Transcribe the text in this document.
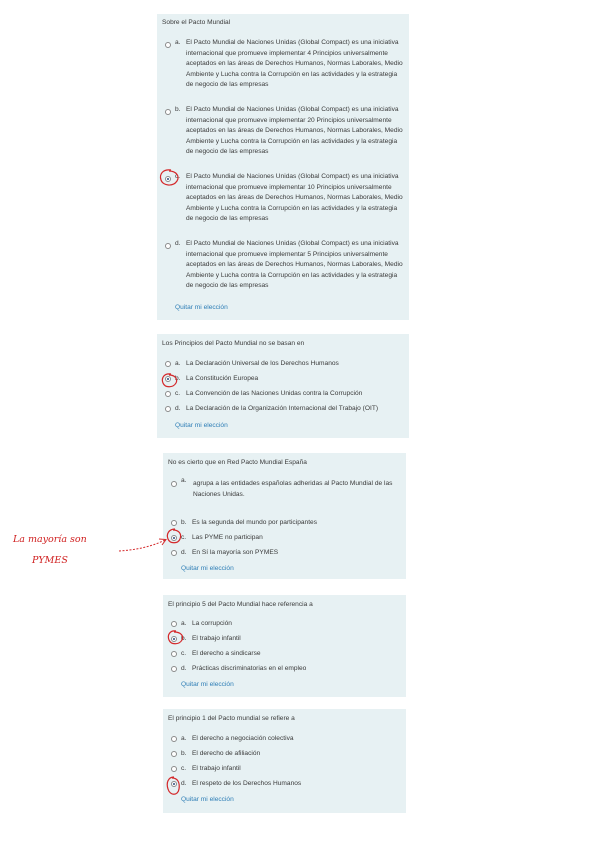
Sobre el Pacto Mundial
a. El Pacto Mundial de Naciones Unidas (Global Compact) es una iniciativa internacional que promueve implementar 4 Principios universalmente aceptados en las áreas de Derechos Humanos, Normas Laborales, Medio Ambiente y Lucha contra la Corrupción en las actividades y la estrategia de negocio de las empresas
b. El Pacto Mundial de Naciones Unidas (Global Compact) es una iniciativa internacional que promueve implementar 20 Principios universalmente aceptados en las áreas de Derechos Humanos, Normas Laborales, Medio Ambiente y Lucha contra la Corrupción en las actividades y la estrategia de negocio de las empresas
c. El Pacto Mundial de Naciones Unidas (Global Compact) es una iniciativa internacional que promueve implementar 10 Principios universalmente aceptados en las áreas de Derechos Humanos, Normas Laborales, Medio Ambiente y Lucha contra la Corrupción en las actividades y la estrategia de negocio de las empresas
d. El Pacto Mundial de Naciones Unidas (Global Compact) es una iniciativa internacional que promueve implementar 5 Principios universalmente aceptados en las áreas de Derechos Humanos, Normas Laborales, Medio Ambiente y Lucha contra la Corrupción en las actividades y la estrategia de negocio de las empresas
Quitar mi elección
Los Principios del Pacto Mundial no se basan en
a. La Declaración Universal de los Derechos Humanos
b. La Constitución Europea
c. La Convención de las Naciones Unidas contra la Corrupción
d. La Declaración de la Organización Internacional del Trabajo (OIT)
Quitar mi elección
No es cierto que en Red Pacto Mundial España
a. agrupa a las entidades españolas adheridas al Pacto Mundial de las Naciones Unidas.
b. Es la segunda del mundo por participantes
c. Las PYME no participan
d. En Sí la mayoría son PYMES
Quitar mi elección
El principio 5 del Pacto Mundial hace referencia a
a. La corrupción
b. El trabajo infantil
c. El derecho a sindicarse
d. Prácticas discriminatorias en el empleo
Quitar mi elección
El principio 1 del Pacto mundial se refiere a
a. El derecho a negociación colectiva
b. El derecho de afiliación
c. El trabajo infantil
d. El respeto de los Derechos Humanos
Quitar mi elección
La mayoría son
PYMES
